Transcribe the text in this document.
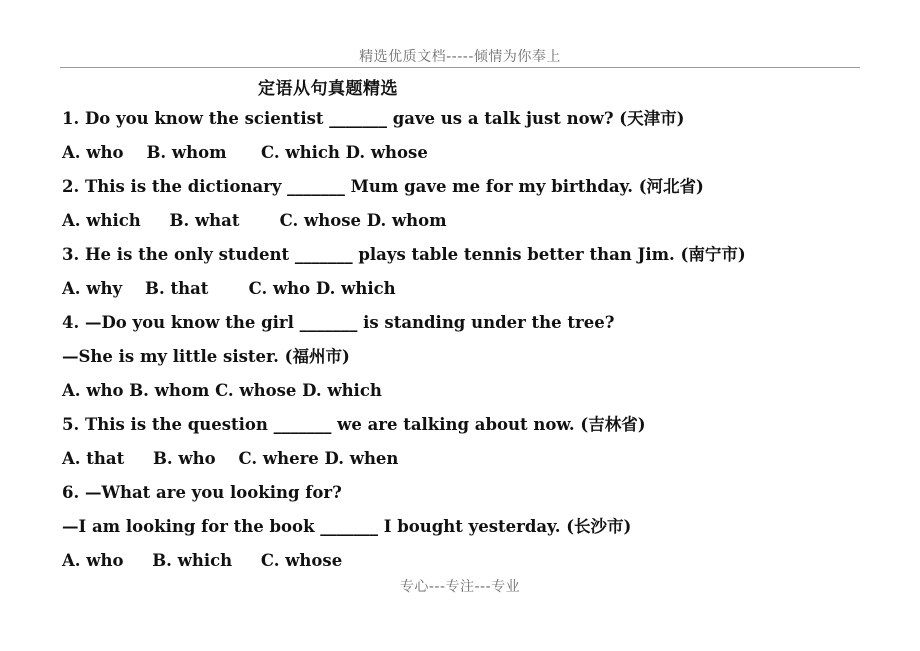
精选优质文档-----倾情为你奉上
定语从句真题精选
1. Do you know the scientist _______ gave us a talk just now? (天津市)
A. who    B. whom      C. which D. whose
2. This is the dictionary _______ Mum gave me for my birthday. (河北省)
A. which     B. what       C. whose D. whom
3. He is the only student _______ plays table tennis better than Jim. (南宁市)
A. why    B. that       C. who D. which
4. —Do you know the girl _______ is standing under the tree?
—She is my little sister. (福州市)
A. who B. whom C. whose D. which
5. This is the question _______ we are talking about now. (吉林省)
A. that     B. who    C. where D. when
6. —What are you looking for?
—I am looking for the book _______ I bought yesterday. (长沙市)
A. who     B. which     C. whose
专心---专注---专业
